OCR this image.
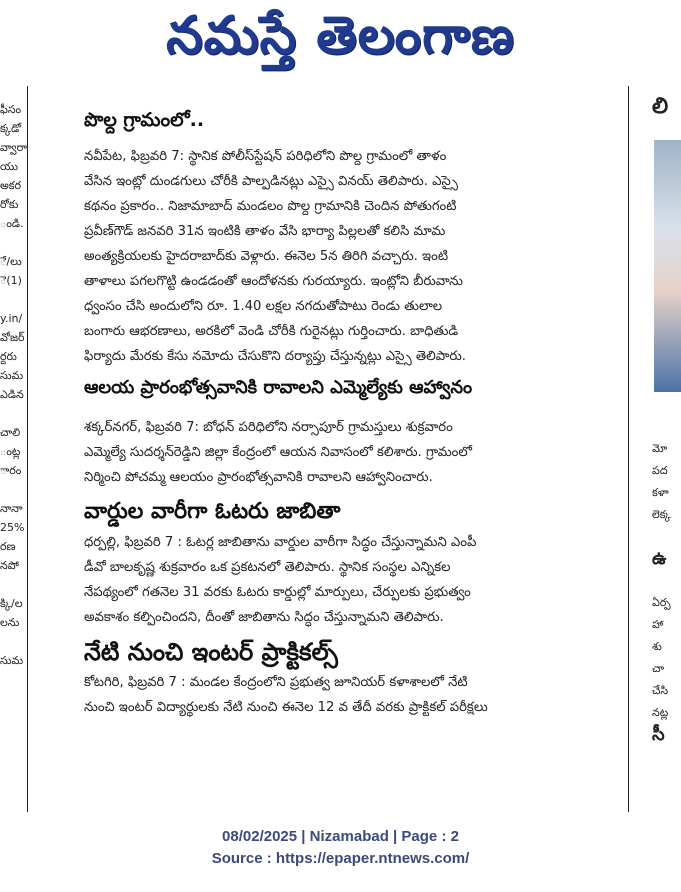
నమస్తే తెలంగాణ
ఫీసం
క్కడో
వ్వారా
యు
అకర
రోకు
ండి.

ే/లు
ె(1)

y.in/
వోజర్
ర్దరు
సుమ
ఎడిన

చాలి
ంట్ల
ారం

నానా
25%
రణ
నపో

క్కి/ల
లను

సుమ
లి
మో
పద
కళా
లెక్క

ఉ

ఏర్ప
హా
శు
చా
చేసి
నట్ల
సీ
పొల్ద గ్రామంలో..
నవీపేట, ఫిబ్రవరి 7: స్థానిక పోలీస్‌స్టేషన్ పరిధిలోని పొల్ద గ్రామంలో తాళం
వేసిన ఇంట్లో దుండగులు చోరీకి పాల్పడినట్లు ఎస్సై వినయ్ తెలిపారు. ఎస్సై
కథనం ప్రకారం.. నిజామాబాద్ మండలం పొల్ద గ్రామానికి చెందిన పోతుగంటి
ప్రవీణ్‌గౌడ్ జనవరి 31న ఇంటికి తాళం వేసి భార్యా పిల్లలతో కలిసి మామ
అంత్యక్రియలకు హైదరాబాద్‌కు వెళ్లారు. ఈనెల 5న తిరిగి వచ్చారు. ఇంటి
తాళాలు పగలగొట్టి ఉండడంతో ఆందోళనకు గురయ్యారు. ఇంట్లోని బీరువాను
ధ్వంసం చేసి అందులోని రూ. 1.40 లక్షల నగదుతోపాటు రెండు తులాల
బంగారు ఆభరణాలు, అరకిలో వెండి చోరీకి గురైనట్లు గుర్తించారు. బాధితుడి
ఫిర్యాదు మేరకు కేసు నమోదు చేసుకొని దర్యాప్తు చేస్తున్నట్లు ఎస్సై తెలిపారు.
ఆలయ ప్రారంభోత్సవానికి రావాలని ఎమ్మెల్యేకు ఆహ్వానం
శక్కర్‌నగర్, ఫిబ్రవరి 7: బోధన్ పరిధిలోని నర్సాపూర్ గ్రామస్తులు శుక్రవారం
ఎమ్మెల్యే సుదర్శన్‌రెడ్డిని జిల్లా కేంద్రంలో ఆయన నివాసంలో కలిశారు. గ్రామంలో
నిర్మించి పోచమ్మ ఆలయం ప్రారంభోత్సవానికి రావాలని ఆహ్వానించారు.
వార్డుల వారీగా ఓటరు జాబితా
ధర్పల్లి, ఫిబ్రవరి 7 : ఓటర్ల జాబితాను వార్డుల వారీగా సిద్ధం చేస్తున్నామని ఎంపీ
డీవో బాలకృష్ణ శుక్రవారం ఒక ప్రకటనలో తెలిపారు. స్థానిక సంస్థల ఎన్నికల
నేపథ్యంలో గతనెల 31 వరకు ఓటరు కార్డుల్లో మార్పులు, చేర్పులకు ప్రభుత్వం
అవకాశం కల్పించిందని, దీంతో జాబితాను సిద్ధం చేస్తున్నామని తెలిపారు.
నేటి నుంచి ఇంటర్ ప్రాక్టికల్స్
కోటగిరి, ఫిబ్రవరి 7 : మండల కేంద్రంలోని ప్రభుత్వ జూనియర్ కళాశాలలో నేటి
నుంచి ఇంటర్ విద్యార్థులకు నేటి నుంచి ఈనెల 12 వ తేదీ వరకు ప్రాక్టికల్ పరీక్షలు
08/02/2025 | Nizamabad | Page : 2
Source : https://epaper.ntnews.com/
